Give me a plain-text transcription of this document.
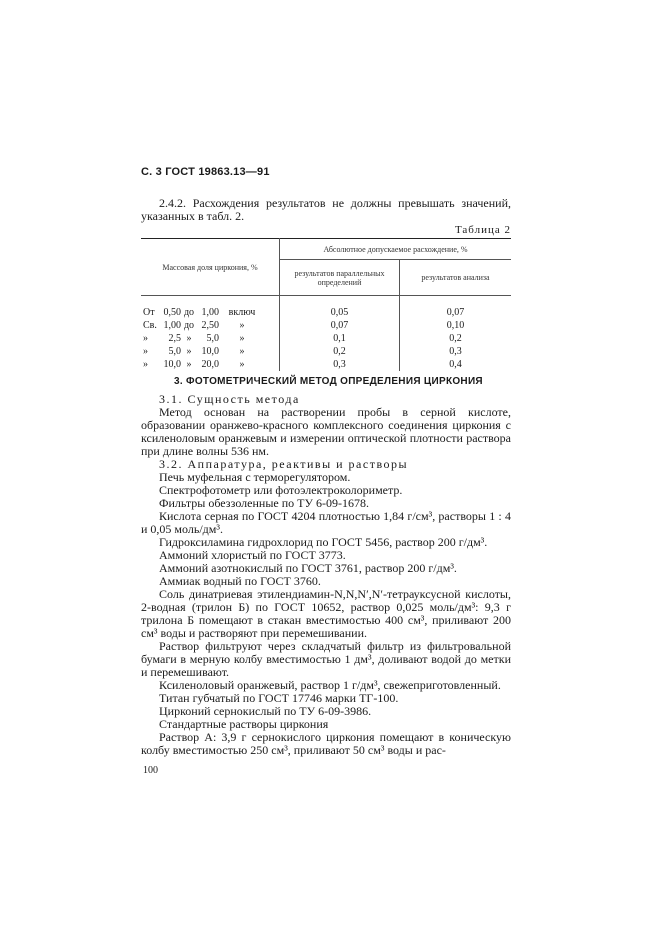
С. 3 ГОСТ 19863.13—91

2.4.2. Расхождения результатов не должны превышать значений, указанных в табл. 2.

Таблица 2
Массовая доля циркония, %	Абсолютное допускаемое расхождение, %	
	результатов параллельных определений	результатов анализа

От 0,50 до 1,00 включ	0,05	0,07

Св. 1,00 до 2,50 »	0,07	0,10

» 2,5 » 5,0 »	0,1	0,2

» 5,0 » 10,0 »	0,2	0,3

» 10,0 » 20,0 »	0,3	0,4
3. ФОТОМЕТРИЧЕСКИЙ МЕТОД ОПРЕДЕЛЕНИЯ ЦИРКОНИЯ

3.1. Сущность метода

Метод основан на растворении пробы в серной кислоте, образовании оранжево-красного комплексного соединения циркония с ксиленоловым оранжевым и измерении оптической плотности раствора при длине волны 536 нм.

3.2. Аппаратура, реактивы и растворы

Печь муфельная с терморегулятором.

Спектрофотометр или фотоэлектроколориметр.

Фильтры обеззоленные по ТУ 6-09-1678.

Кислота серная по ГОСТ 4204 плотностью 1,84 г/см³, растворы 1 : 4 и 0,05 моль/дм³.

Гидроксиламина гидрохлорид по ГОСТ 5456, раствор 200 г/дм³.

Аммоний хлористый по ГОСТ 3773.

Аммоний азотнокислый по ГОСТ 3761, раствор 200 г/дм³.

Аммиак водный по ГОСТ 3760.

Соль динатриевая этилендиамин-N,N,N′,N′-тетрауксусной кислоты, 2-водная (трилон Б) по ГОСТ 10652, раствор 0,025 моль/дм³: 9,3 г трилона Б помещают в стакан вместимостью 400 см³, приливают 200 см³ воды и растворяют при перемешивании.

Раствор фильтруют через складчатый фильтр из фильтровальной бумаги в мерную колбу вместимостью 1 дм³, доливают водой до метки и перемешивают.

Ксиленоловый оранжевый, раствор 1 г/дм³, свежеприготовленный.

Титан губчатый по ГОСТ 17746 марки ТГ-100.

Цирконий сернокислый по ТУ 6-09-3986.

Стандартные растворы циркония

Раствор А: 3,9 г сернокислого циркония помещают в коническую колбу вместимостью 250 см³, приливают 50 см³ воды и рас-

100
